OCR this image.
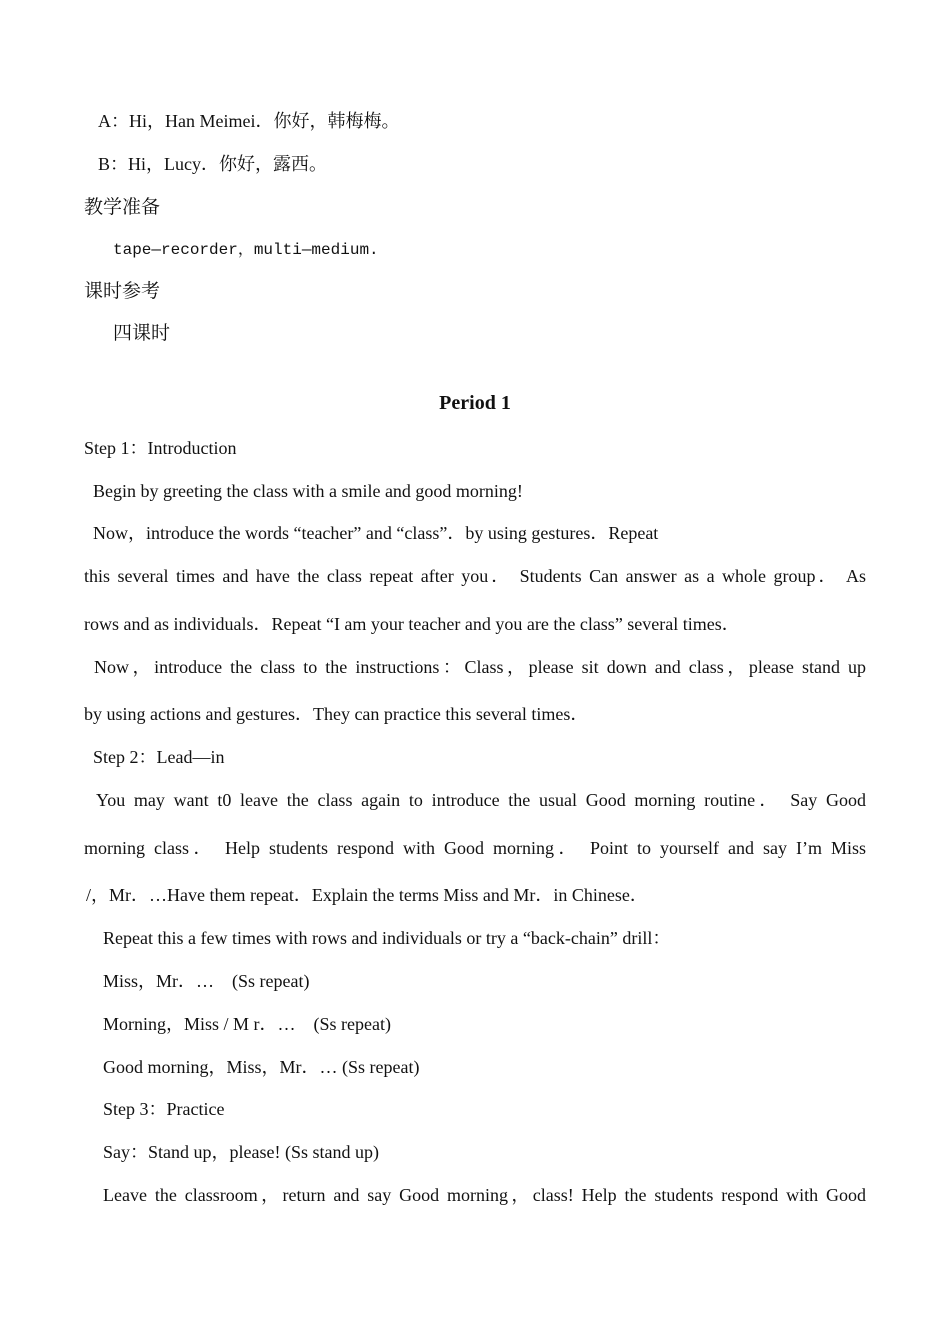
A：Hi，Han Meimei．你好，韩梅梅。
B：Hi，Lucy．你好，露西。
教学准备
tape—recorder，multi—medium.
课时参考
四课时
Period 1
Step 1：Introduction
Begin by greeting the class with a smile and good morning!
Now，introduce the words “teacher” and “class”．by using gestures．Repeat
this several times and have the class repeat after you． Students Can answer as a whole group． As
rows and as individuals．Repeat “I am your teacher and you are the class” several times．
Now，introduce the class to the instructions：Class，please sit down and class，please stand up
by using actions and gestures．They can practice this several times．
Step 2：Lead—in
You may want t0 leave the class again to introduce the usual Good morning routine． Say Good
morning class． Help students respond with Good morning． Point to yourself and say I’m Miss
/，Mr．…Have them repeat．Explain the terms Miss and Mr．in Chinese．
Repeat this a few times with rows and individuals or try a “back-chain” drill：
Miss，Mr．…　(Ss repeat)
Morning，Miss / M r．…　(Ss repeat)
Good morning，Miss，Mr．… (Ss repeat)
Step 3：Practice
Say：Stand up，please! (Ss stand up)
Leave the classroom，return and say Good morning，class! Help the students respond with Good
